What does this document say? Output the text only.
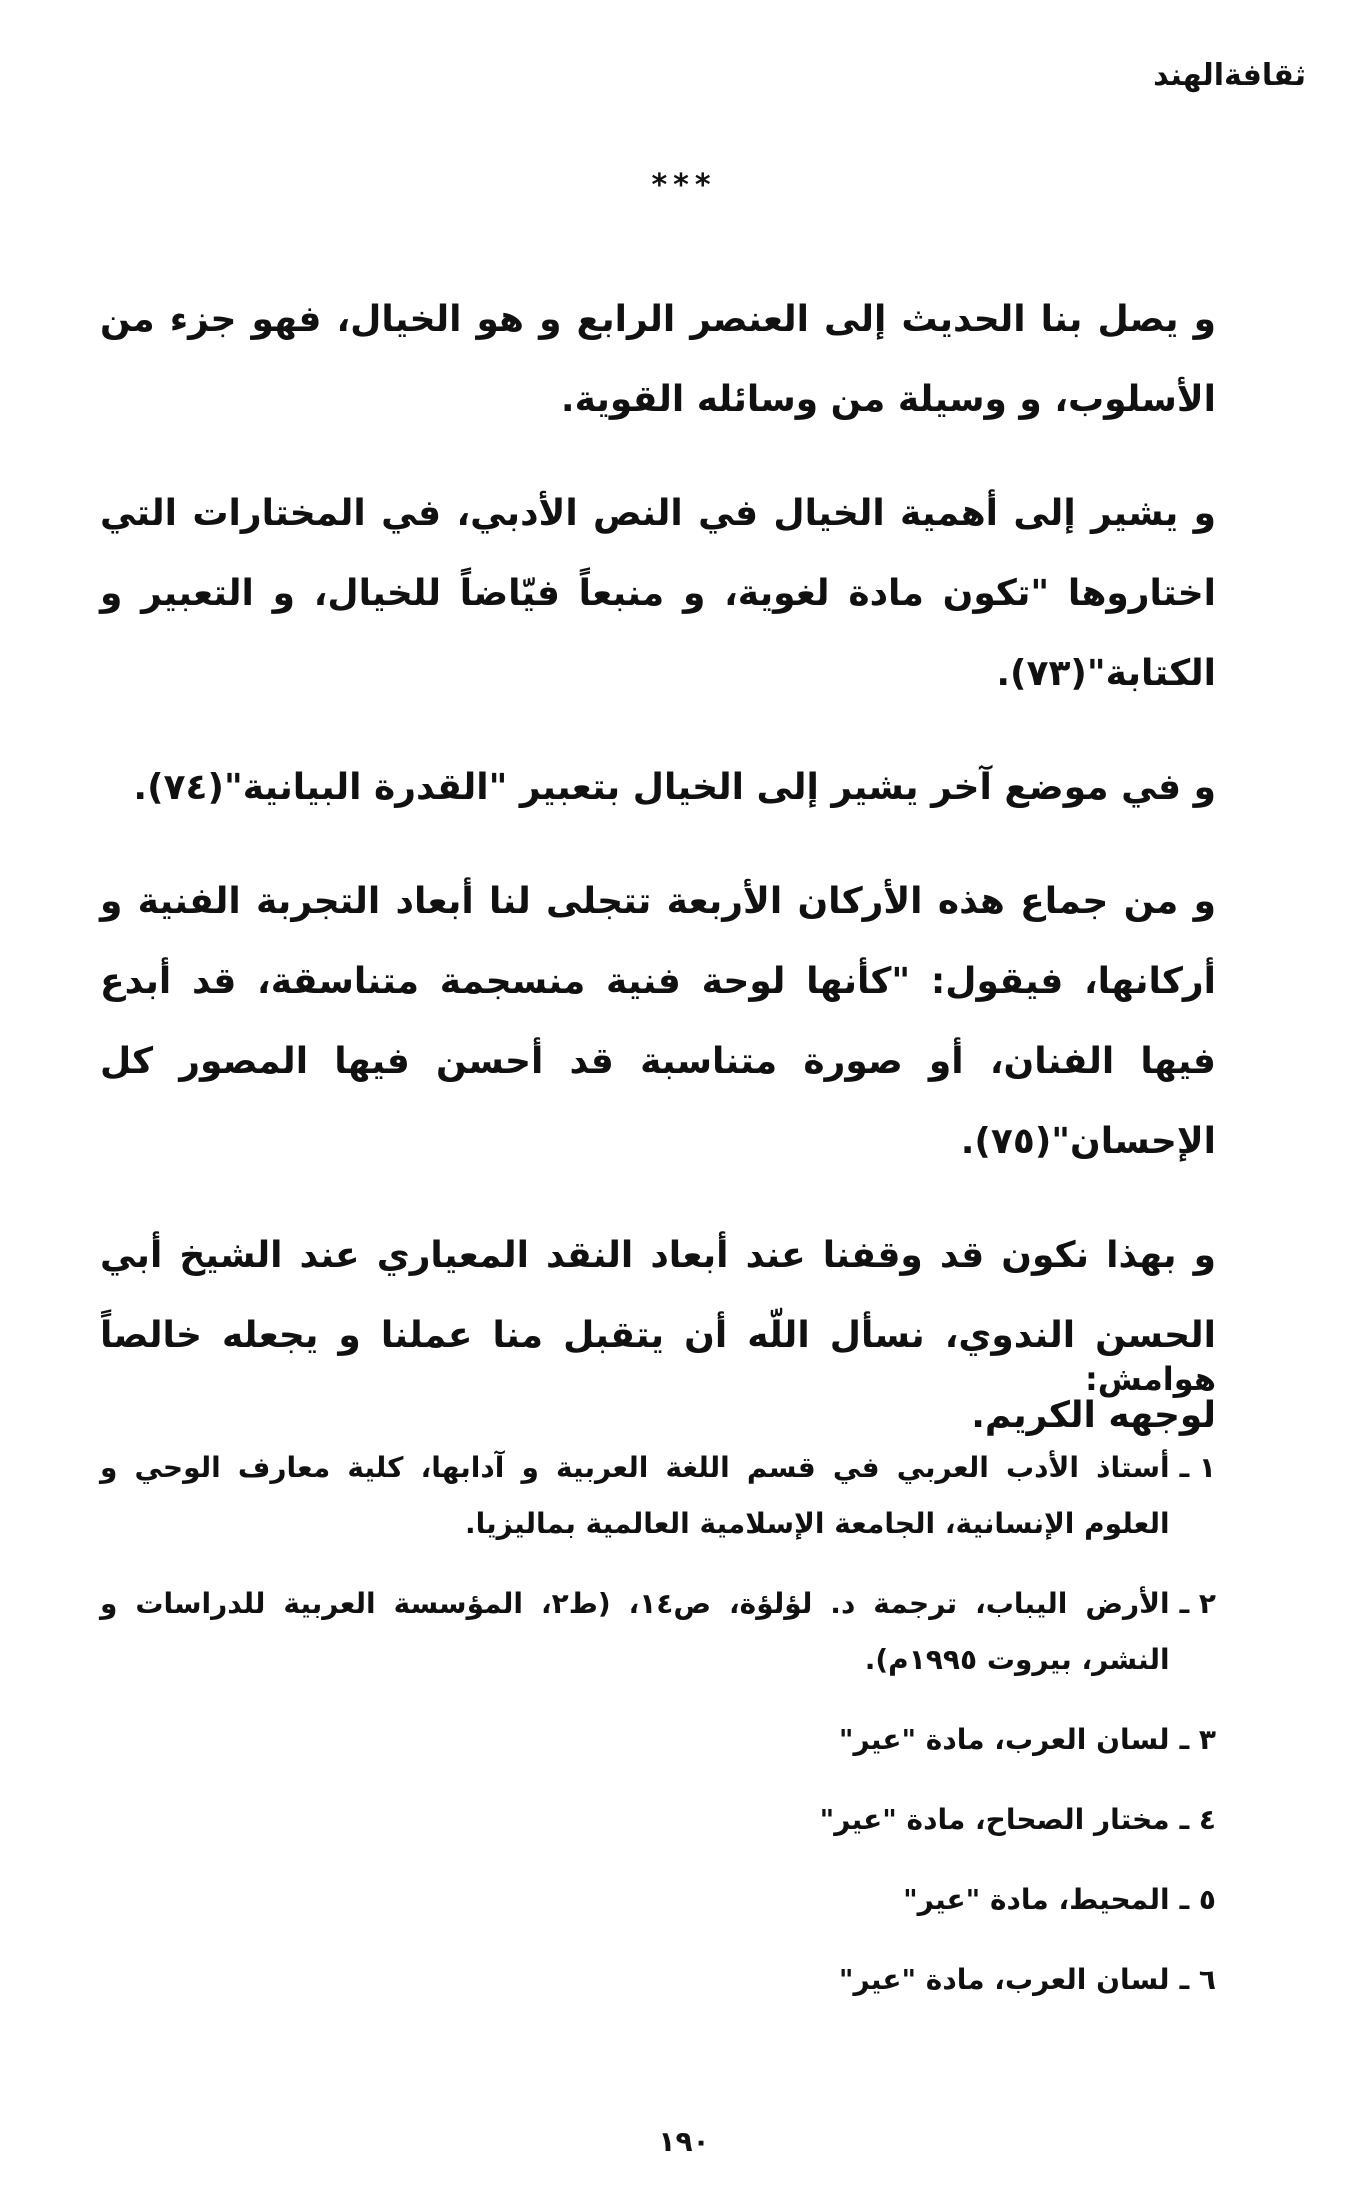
ثقافةالهند
***

و يصل بنا الحديث إلى العنصر الرابع و هو الخيال، فهو جزء من الأسلوب، و وسيلة من وسائله القوية.

و يشير إلى أهمية الخيال في النص الأدبي، في المختارات التي اختاروها "تكون مادة لغوية، و منبعاً فيّاضاً للخيال، و التعبير و الكتابة"(٧٣).

و في موضع آخر يشير إلى الخيال بتعبير "القدرة البيانية"(٧٤).

و من جماع هذه الأركان الأربعة تتجلى لنا أبعاد التجربة الفنية و أركانها، فيقول: "كأنها لوحة فنية منسجمة متناسقة، قد أبدع فيها الفنان، أو صورة متناسبة قد أحسن فيها المصور كل الإحسان"(٧٥).

و بهذا نكون قد وقفنا عند أبعاد النقد المعياري عند الشيخ أبي الحسن الندوي، نسأل اللّه أن يتقبل منا عملنا و يجعله خالصاً لوجهه الكريم.

هوامش:
١ ـ
أستاذ الأدب العربي في قسم اللغة العربية و آدابها، كلية معارف الوحي و العلوم الإنسانية، الجامعة الإسلامية العالمية بماليزيا.
٢ ـ
الأرض اليباب، ترجمة د. لؤلؤة، ص١٤، (ط٢، المؤسسة العربية للدراسات و النشر، بيروت ١٩٩٥م).
٣ ـ
لسان العرب، مادة "عير"
٤ ـ
مختار الصحاح، مادة "عير"
٥ ـ
المحيط، مادة "عير"
٦ ـ
لسان العرب، مادة "عير"
١٩٠
